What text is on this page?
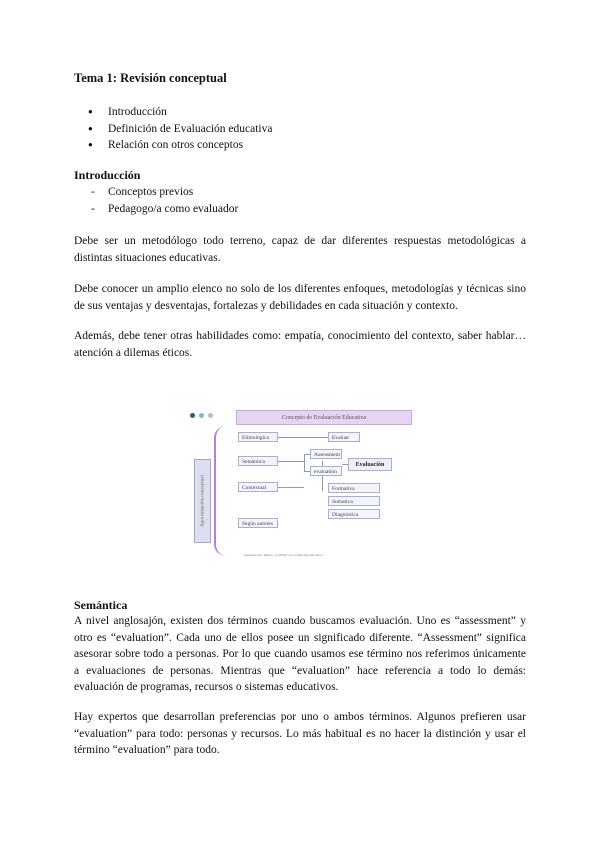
Tema 1: Revisión conceptual
● Introducción
● Definición de Evaluación educativa
● Relación con otros conceptos
Introducción
- Conceptos previos
- Pedagogo/a como evaluador

Debe ser un metodólogo todo terreno, capaz de dar diferentes respuestas metodológicas a distintas situaciones educativas.

Debe conocer un amplio elenco no solo de los diferentes enfoques, metodologías y técnicas sino de sus ventajas y desventajas, fortalezas y debilidades en cada situación y contexto.

Además, debe tener otras habilidades como: empatía, conocimiento del contexto, saber hablar… atención a dilemas éticos.

Concepto de Evaluación Educativa
Aproximación conceptual
Etimológica
Semántica
Contextual
Según autores
Evaluar
Assessment
evaluation
Formativa
Sumativa
Diagnóstica
Evaluación
Adaptado de: Mateo, J. (2000). La evaluación educativa.
Semántica

A nivel anglosajón, existen dos términos cuando buscamos evaluación. Uno es “assessment” y otro es “evaluation”. Cada uno de ellos posee un significado diferente. “Assessment” significa asesorar sobre todo a personas. Por lo que cuando usamos ese término nos referimos únicamente a evaluaciones de personas. Mientras que “evaluation” hace referencia a todo lo demás: evaluación de programas, recursos o sistemas educativos.

Hay expertos que desarrollan preferencias por uno o ambos términos. Algunos prefieren usar “evaluation” para todo: personas y recursos. Lo más habitual es no hacer la distinción y usar el término “evaluation” para todo.
